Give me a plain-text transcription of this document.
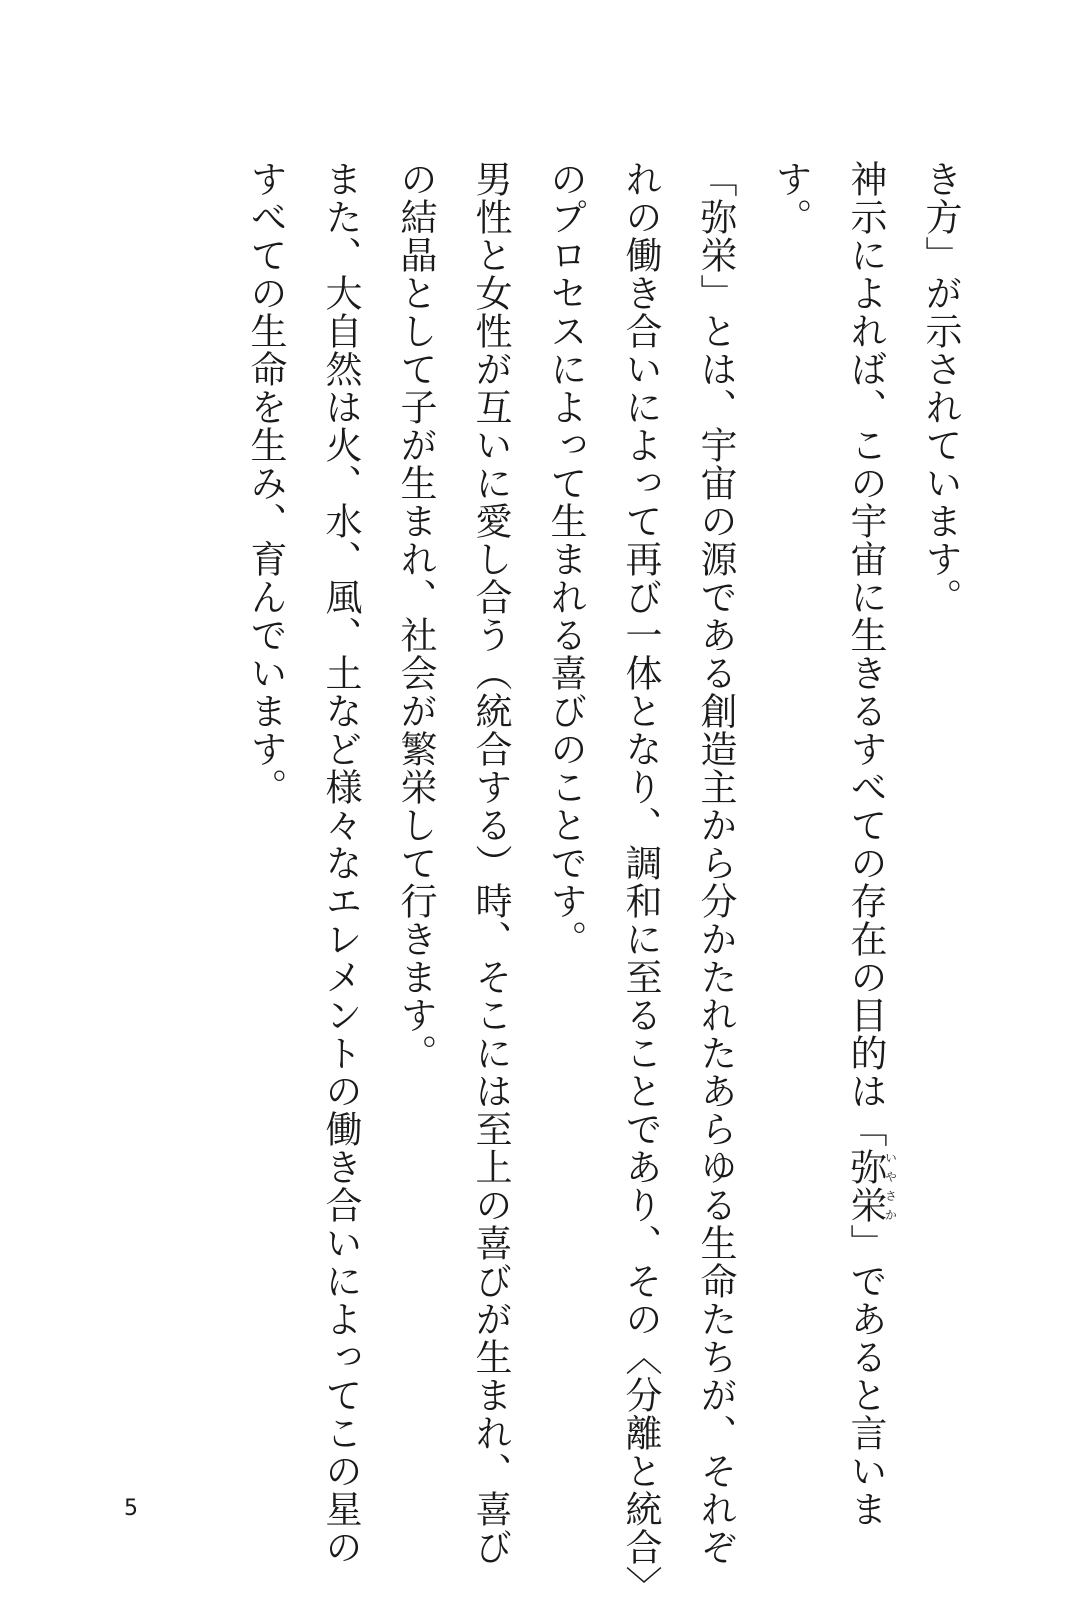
き方」が示されています。
神示によれば、この宇宙に生きるすべての存在の目的は「弥栄いやさか」であると言いま
す。
「弥栄」とは、宇宙の源である創造主から分かたれたあらゆる生命たちが、それぞ
れの働き合いによって再び一体となり、調和に至ることであり、その〈分離と統合〉
のプロセスによって生まれる喜びのことです。
男性と女性が互いに愛し合う（統合する）時、そこには至上の喜びが生まれ、喜び
の結晶として子が生まれ、社会が繁栄して行きます。
また、大自然は火、水、風、土など様々なエレメントの働き合いによってこの星の
すべての生命を生み、育んでいます。
5
